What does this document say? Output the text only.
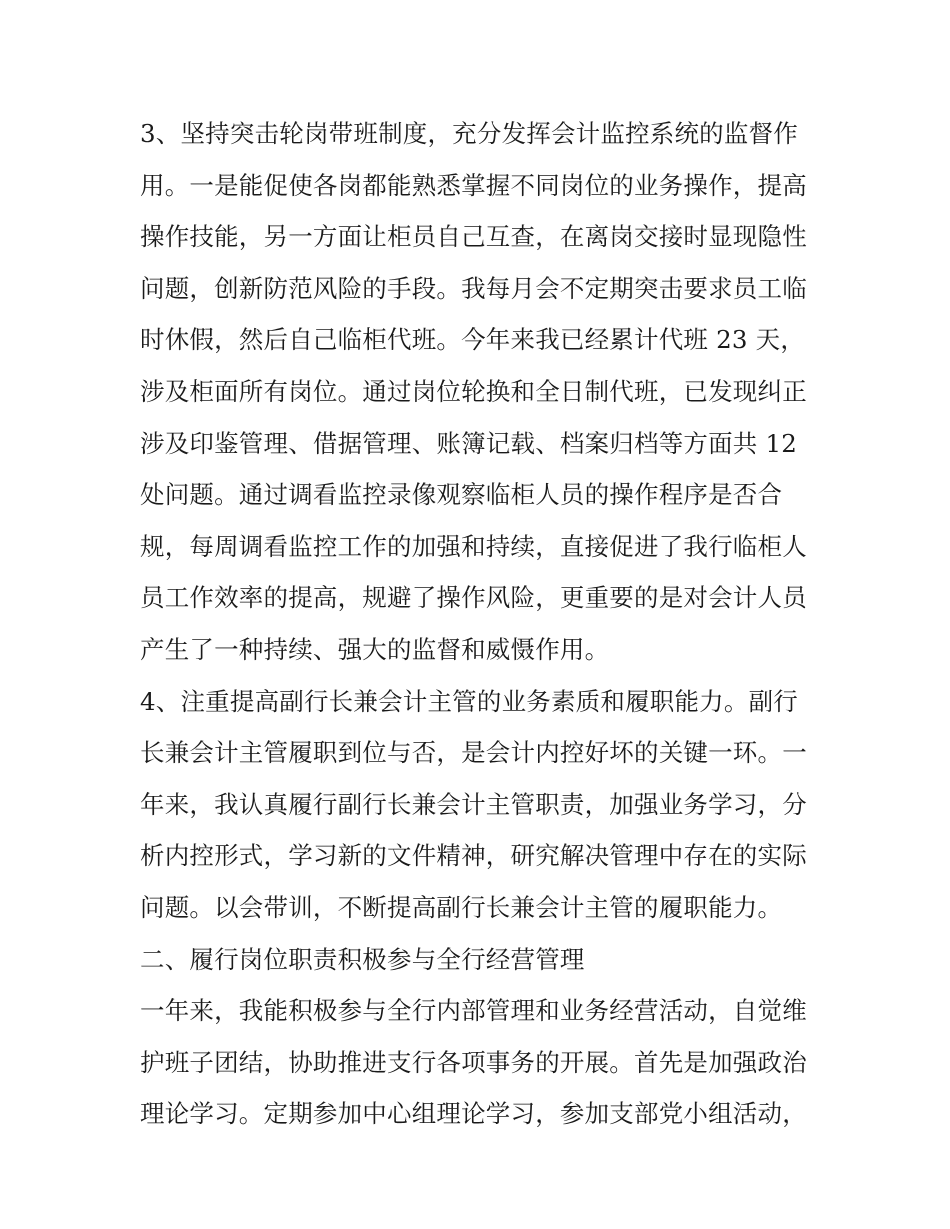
3、坚持突击轮岗带班制度，充分发挥会计监控系统的监督作
用。一是能促使各岗都能熟悉掌握不同岗位的业务操作，提高
操作技能，另一方面让柜员自己互查，在离岗交接时显现隐性
问题，创新防范风险的手段。我每月会不定期突击要求员工临
时休假，然后自己临柜代班。今年来我已经累计代班 23 天，
涉及柜面所有岗位。通过岗位轮换和全日制代班，已发现纠正
涉及印鉴管理、借据管理、账簿记载、档案归档等方面共 12
处问题。通过调看监控录像观察临柜人员的操作程序是否合
规，每周调看监控工作的加强和持续，直接促进了我行临柜人
员工作效率的提高，规避了操作风险，更重要的是对会计人员
产生了一种持续、强大的监督和威慑作用。
4、注重提高副行长兼会计主管的业务素质和履职能力。副行
长兼会计主管履职到位与否，是会计内控好坏的关键一环。一
年来，我认真履行副行长兼会计主管职责，加强业务学习，分
析内控形式，学习新的文件精神，研究解决管理中存在的实际
问题。以会带训，不断提高副行长兼会计主管的履职能力。
二、履行岗位职责积极参与全行经营管理
一年来，我能积极参与全行内部管理和业务经营活动，自觉维
护班子团结，协助推进支行各项事务的开展。首先是加强政治
理论学习。定期参加中心组理论学习，参加支部党小组活动，
